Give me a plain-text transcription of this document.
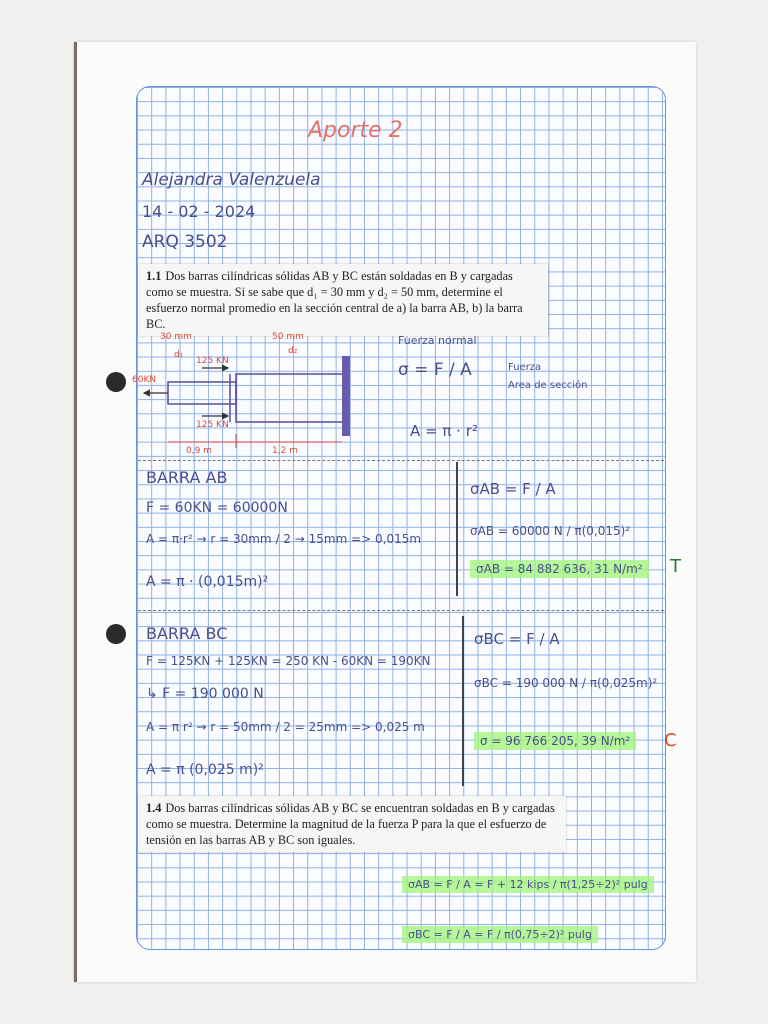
Aporte 2
Alejandra Valenzuela
14 - 02 - 2024
ARQ 3502
1.1 Dos barras cilíndricas sólidas AB y BC están soldadas en B y cargadas como se muestra. Si se sabe que d₁ = 30 mm y d₂ = 50 mm, determine el esfuerzo normal promedio en la sección central de a) la barra AB, b) la barra BC.
30 mm
d₁
50 mm
d₂
60KN
125 KN
125 KN
0,9 m	1,2 m
Fuerza normal
σ = F / A	Fuerza
Area de sección
A = π · r²
BARRA AB
F = 60KN = 60000N
A = π·r² → r = 30mm / 2 → 15mm => 0,015m
A = π · (0,015m)²
σAB = F / A
σAB = 60000 N / π(0,015)²
σAB = 84 882 636, 31 N/m²	T
BARRA BC
F = 125KN + 125KN = 250 KN - 60KN = 190KN
↳ F = 190 000 N
A = π r² → r = 50mm / 2 = 25mm => 0,025 m
A = π (0,025 m)²
σBC = F / A
σBC = 190 000 N / π(0,025m)²
σ = 96 766 205, 39 N/m²	C
1.4 Dos barras cilíndricas sólidas AB y BC se encuentran soldadas en B y cargadas como se muestra. Determine la magnitud de la fuerza P para la que el esfuerzo de tensión en las barras AB y BC son iguales.
σAB = F / A = F + 12 kips / π(1,25÷2)² pulg
σBC = F / A = F / π(0,75÷2)² pulg
